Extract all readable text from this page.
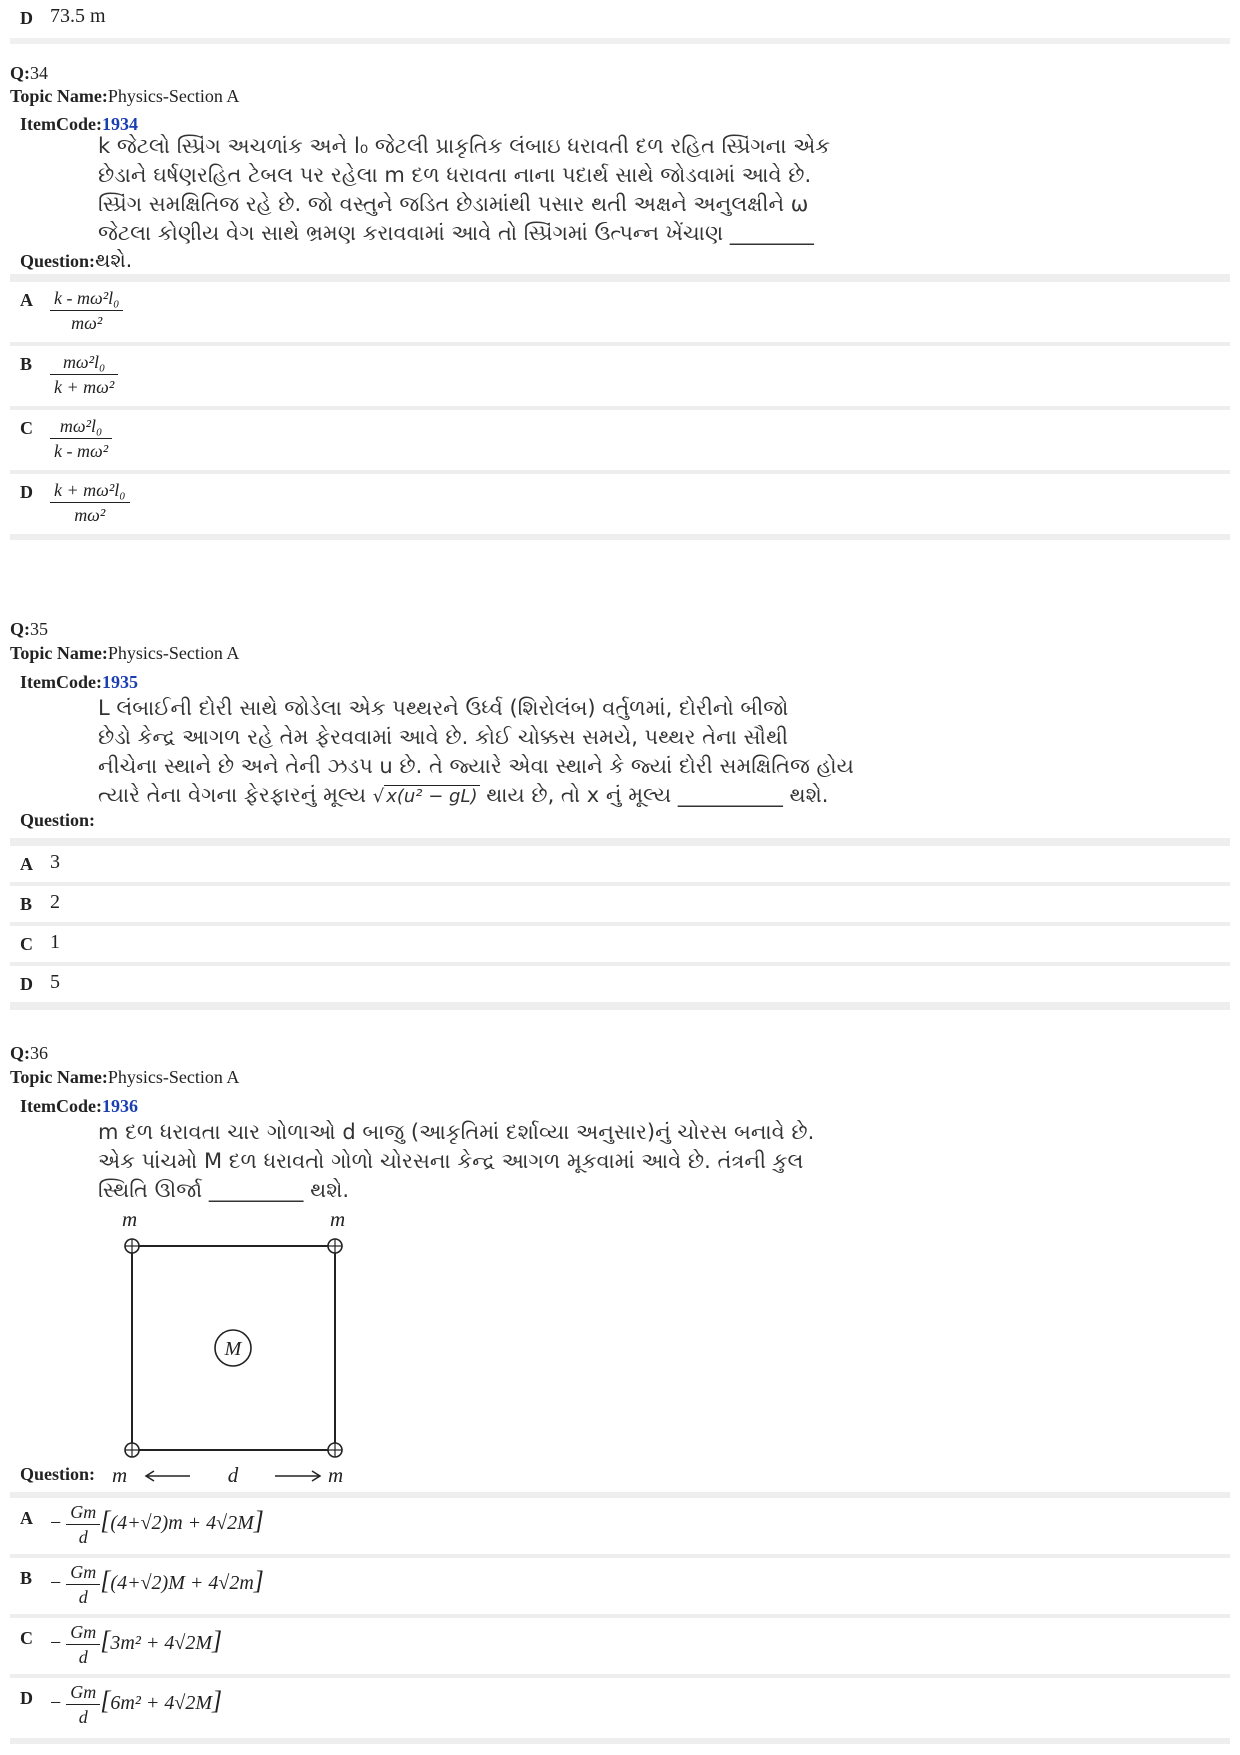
D 73.5 m
Q:34
Topic Name:Physics-Section A
ItemCode:1934
k જેટલો સ્પ્રિંગ અચળાંક અને l₀ જેટલી પ્રાકૃતિક લંબાઇ ધરાવતી દળ રહિત સ્પ્રિંગના એક
છેડાને ઘર્ષણરહિત ટેબલ પર રહેલા m દળ ધરાવતા નાના પદાર્થ સાથે જોડવામાં આવે છે.
સ્પ્રિંગ સમક્ષિતિજ રહે છે. જો વસ્તુને જડિત છેડામાંથી પસાર થતી અક્ષને અનુલક્ષીને ω
જેટલા કોણીય વેગ સાથે ભ્રમણ કરાવવામાં આવે તો સ્પ્રિંગમાં ઉત્પન્ન ખેંચાણ ________
Question:થશે.
A $\frac{\text{k - mω²l₀}}{\text{mω²}}$
B $\frac{\text{mω²l₀}}{\text{k + mω²}}$
C $\frac{\text{mω²l₀}}{\text{k - mω²}}$
D $\frac{\text{k + mω²l₀}}{\text{mω²}}$
Q:35
Topic Name:Physics-Section A
ItemCode:1935
L લંબાઈની દોરી સાથે જોડેલા એક પથ્થરને ઉર્ધ્વ (શિરોલંબ) વર્તુળમાં, દોરીનો બીજો
છેડો કેન્દ્ર આગળ રહે તેમ ફેરવવામાં આવે છે. કોઈ ચોક્કસ સમયે, પથ્થર તેના સૌથી
નીચેના સ્થાને છે અને તેની ઝડપ u છે. તે જ્યારે એવા સ્થાને કે જ્યાં દોરી સમક્ષિતિજ હોય
ત્યારે તેના વેગના ફેરફારનું મૂલ્ય √ x(u² − gL) થાય છે, તો x નું મૂલ્ય __________ થશે.
Question:
A 3
B 2
C 1
D 5
Q:36
Topic Name:Physics-Section A
ItemCode:1936
m દળ ધરાવતા ચાર ગોળાઓ d બાજુ (આકૃતિમાં દર્શાવ્યા અનુસાર)નું ચોરસ બનાવે છે.
એક પાંચમો M દળ ધરાવતો ગોળો ચોરસના કેન્દ્ર આગળ મૂકવામાં આવે છે. તંત્રની કુલ
સ્થિતિ ઊર્જા _________ થશે.
m	m
M
m	m
d
Question:
$A - \frac{Gm}{d} [(4+√2)m + 4√2M]$
$B - \frac{Gm}{d} [(4+√2)M + 4√2m]$
$C - \frac{Gm}{d} [3m^2 + 4√2M]$
$D - \frac{Gm}{d} [6m^2 + 4√2M]$
